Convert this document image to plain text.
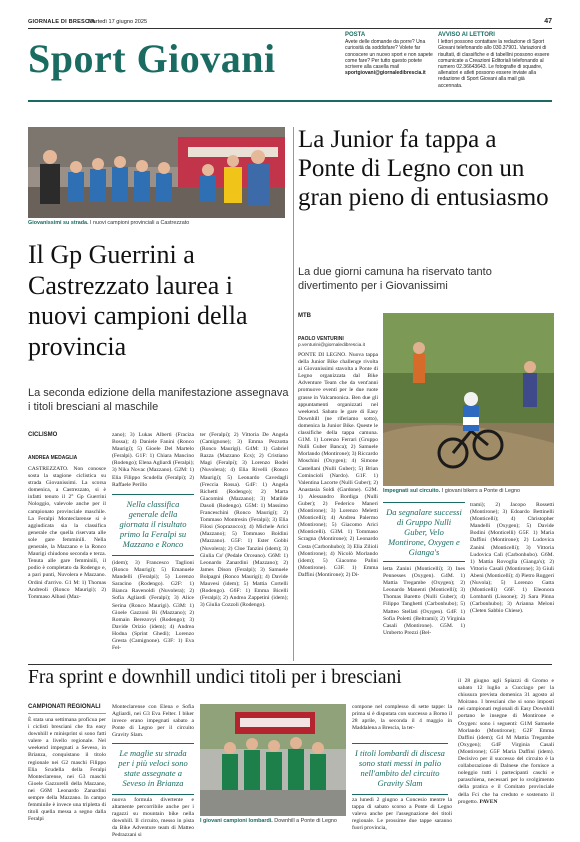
GIORNALE DI BRESCIA
Martedì 17 giugno 2025	47
Sport Giovani
POSTA
Avete delle domande da porre? Una curiosità da soddisfare? Volete far conoscere un nuovo sport e non sapete come fare? Per tutto questo potete scrivere alla casella mail
sportgiovani@giornaledibrescia.it
AVVISO AI LETTORI
I lettori possono contattare la redazione di Sport Giovani telefonando allo 030.37901. Variazioni di risultati, di classifiche e di tabellini possono essere comunicate a Creazioni Editoriali telefonando al numero 02.36643643. Le fotografie di squadre, allenatori e atleti possono essere inviate alla redazione di Sport Giovani alla mail già accennata.
Giovanissimi su strada. I nuovi campioni provinciali a Castrezzato
Il Gp Guerrini a Castrezzato laurea i nuovi campioni della provincia
La seconda edizione della manifestazione assegnava i titoli bresciani al maschile
CICLISMO
ANDREA MEDAGLIA
CASTREZZATO. Non conosce sosta la stagione ciclistica su strada Giovanissimi. La scorsa domenica, a Castrezzato, si è infatti tenuto il 2° Gp Guerrini Nologgio, valevole anche per il campionato provinciale maschile. La Feralpi Monteclarense si è aggiudicata sia la classifica generale che quella riservata alle sole gare femminili. Nella generale, la Mazzano e la Ronco Maurigi chiudono seconda e terza. Tenuta alle gare femminili, il podio è completato da Rodengo e, a pari punti, Nuvolera e Mazzano. Ordini d'arrivo. G1 M: 1) Thomas Andreoli (Ronco Maurigi); 2) Tommaso Albasi (Maz-
zano); 3) Lukas Alberti (Fraciza Bossa); 4) Daniele Fanini (Ronco Maurigi); 5) Gioele Del Martelo (Feralpi). G1F: 1) Chiara Mancino (Rodengo); Elena Agliardi (Feralpi); 3) Nika Novac (Mazzano). G2M: 1) Elia Filippo Scudella (Feralpi); 2) Raffaele Perillo
Nella classifica generale della giornata il risultato primo la Feralpi su Mazzano e Ronco
(idem); 3) Francesco Taglioni (Ronco Maurigi); 5) Emanuele Mandelli (Feralpi); 5) Lorenzo Saracino (Rodengo). G2F: 1) Bianca Ravenoldi (Nuvolera); 2) Sofia Agliardi (Feralpi); 3) Alice Serina (Ronco Maurigi). G3M: 1) Gioele Gazzoni Bi (Mazzano); 2) Romain Berezovyi (Rodengo); 3) Davide Orizio (idem); 4) Andrea Hodna (Sprint Ghedi); Lorenzo Gresta (Camignone). G3F: 1) Eva Fel-
ter (Feralpi); 2) Vittoria De Angela (Camignone); 3) Emma Pezzotta (Ronco Maurigi). G4M: 1) Gabriel Razza (Mazzano Ecs); 2) Cristiano Magi (Feralpi); 3) Lorenzo Bodei (Nuvolera); 4) Elia Rivelli (Ronco Maurigi); 5) Leonardo Cavedagli (Freccia Rossa). G4F: 1) Angela Richetti (Rodengo); 2) Marta Giacomini (Mazzano); 3) Matilde Dasoli (Rodengo). G5M: 1) Massimo Franceschini (Ronco Maurigi); 2) Tommaso Montresin (Feralpi); 3) Elia Filosi (Soprazocco); 4) Michele Arici (Mazzano); 5) Tommaso Boldini (Mazzano). G5F: 1) Ester Gobbi (Nuvolera); 2) Cloe Tanzini (idem); 3) Giulia Co' (Pedale Orceano). G6M: 1) Leonardo Zanardini (Mazzano); 2) James Dison (Feralpi); 3) Samuele Bolpagni (Ronco Maurigi); 4) Davide Mauvesi (idem); 5) Mattia Cortelli (Rodengo). G6F: 1) Emma Bicelli (Feralpi); 2) Andrea Zappetini (idem); 3) Giulia Cozzoli (Rodengo).
La Junior fa tappa a Ponte di Legno con un gran pieno di entusiasmo
La due giorni camuna ha riservato tanto divertimento per i Giovanissimi
MTB
PAOLO VENTURINI
p.venturini@giornaledibrescia.it
PONTE DI LEGNO. Nuova tappa della Junior Bike challenge rivolta ai Giovanissimi stavolta a Ponte di Legno organizzata dal Bike Adventure Team che da vent'anni promuove eventi per le due ruote grasse in Valcamonica. Ben due gli appuntamenti organizzati nel weekend. Sabato le gare di Easy Downhill (ne riferiamo sotto), domenica la Junior Bike. Queste le classifiche della tappa camuna. G1M. 1) Lorenzo Ferrari (Gruppo Nulli Guber Banca); 2) Samuele Morlando (Montirone); 3) Riccardo Moschini (Oxygen); 4) Simone Castellani (Nulli Guber); 5) Brian Comincioli (Nardo). G1F. 1) Valentina Lacorte (Nulli Guber); 2) Anastasia Soldi (Gardone). G2M. 1) Alessandro Bordiga (Nulli Guber); 2) Federico Maneri (Montirone); 3) Lorenzo Meletti (Monticelli); 4) Andrea Palermo (Montirone); 5) Giacomo Arici (Monticelli). G3M. 1) Tommaso Scragna (Montirone); 2) Leonardo Costa (Carbonhubo); 3) Elia Zilioli (Montirone); 4) Nicolò Morlando (idem); 5) Giacomo Palini (Montirone). G3F. 1) Emma Daffini (Montirone); 2) Di-
Impegnati sul circuito. I giovani bikers a Ponte di Legno
Da segnalare successi di Gruppo Nulli Guber, Velo Montirone, Oxygen e Gianga's
letta Zanini (Monticelli); 3) Ines Pennesses (Oxygen). G4M. 1) Mattia Tregambe (Oxygen); 2) Leonardo Manenti (Monticelli); 3) Thomas Baretto (Nulli Guber); 4) Filippo Tanghetti (Carbonhubo); 5) Matteo Stellati (Oxygen). G4F. 1) Sofia Poletti (Beltrami); 2) Virginia Casali (Montirone). G5M. 1) Umberto Prezzi (Bel-
trami); 2) Jacopo Rossetti (Montirone); 3) Edoardo Bettinelli (Monticelli); 4) Christopher Mandelli (Oxygen); 5) Davide Bodini (Monticelli) G5F. 1) Maria Daffini (Montirone); 2) Ludovica Zanini (Monticelli); 3) Vittoria Ludovica Calì (Carbonhubo). G6M. 1) Mattia Rovoglia (Gianga's); 2) Vittorio Casali (Montirone); 3) Giuli Abeni (Monticelli); 4) Pietro Ruggeri (Nuvola); 5) Lorenzo Gatta (Monticelli) G6F. 1) Eleonora Lombardi (Lissone); 2) Sara Pinna (Carbonhubo); 3) Arianna Meloni (Cleten Sabbio Chiese).
Fra sprint e downhill undici titoli per i bresciani
CAMPIONATI REGIONALI
È stata una settimana proficua per i ciclisti bresciani che fra easy downhill e minisprint si sono fatti valere a livello regionale. Nel weekend impegnati a Seveso, in Brianza, conquistano il titolo regionale nei G2 maschi Filippo Elia Scudella della Feralpi Monteclarense, nei G3 maschi Gioele Gazzurelli della Mazzano, nei G6M Leonardo Zanardini sempre della Mazzano. In campo femminile è invece una tripletta di titoli quella messa a segno dalla Feralpi
Monteclarense con Elena e Sofia Agliardi, nei G3 Eva Felter. I biker invece erano impegnati sabato a Ponte di Legno per il circuito Gravity Slam.
Le maglie su strada per i più veloci sono state assegnate a Seveso in Brianza
nuova formula divertente e altamente percorribile anche per i ragazzi su mountain bike nella downhill. Il circuito, messo in pista da Bike Adventure team di Matteo Pedrazzani si
I giovani campioni lombardi. Downhill a Ponte di Legno
compone nel complesso di sette tappe: la prima si è disputata con successo a Borno il 28 aprile, la seconda il 4 maggio in Maddalena a Brescia, la ter-
I titoli lombardi di discesa sono stati messi in palio nell'ambito del circuito Gravity Slam
za lunedì 2 giugno a Concesio mentre la tappa di sabato scorso a Ponte di Legno valeva anche per l'assegnazione dei titoli regionale. Le prossime due tappe saranno fuori provincia,
il 28 giugno agli Spiazzi di Gromo e sabato 12 luglio a Cucciago per la chiusura prevista domenica 31 agosto al Moirano. I bresciani che si sono imposti nei campionati regionali di Easy Downhill portano le insegne di Montirone e Oxygen: sono i seguenti: G1M Samuele Morlando (Montirone); G2F Emma Daffini (idem); G4 M Mattia Tregambe (Oxygen); G4F Virginia Casali (Montirone); G5F Maria Daffini (idem). Decisivo per il successo del circuito è la collaborazione di Dalnese che fornisce a noleggio tutti i partecipanti caschi e paraschiena, necessari per lo svolgimento della pratica e il Comitato provinciale della Fci che ha creduto e sostenuto il progetto. PAVEN
